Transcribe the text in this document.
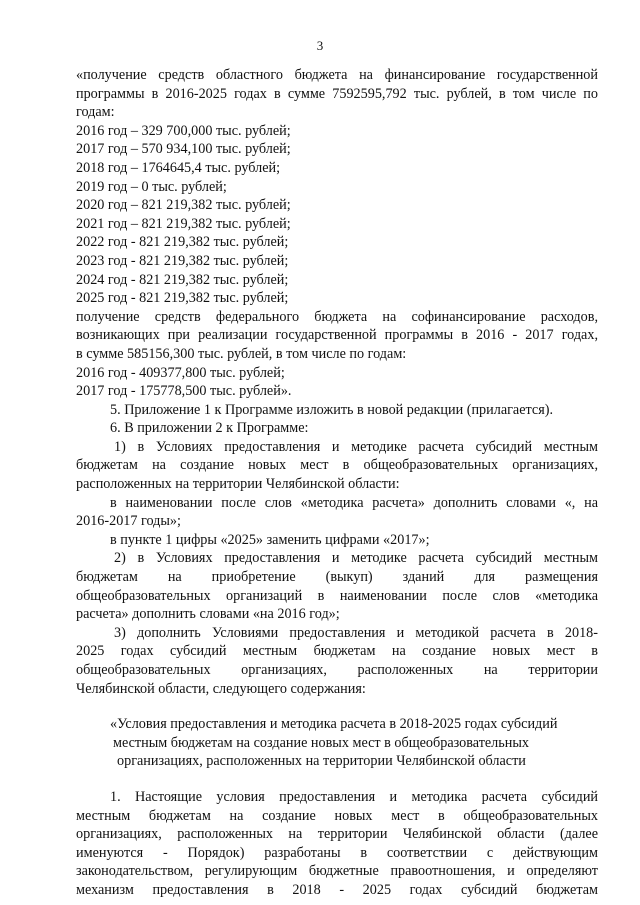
3
«получение средств областного бюджета на финансирование государственной
программы в 2016-2025 годах в сумме 7592595,792 тыс. рублей, в том числе по
годам:
2016 год – 329 700,000 тыс. рублей;
2017 год – 570 934,100 тыс. рублей;
2018 год – 1764645,4 тыс. рублей;
2019 год – 0 тыс. рублей;
2020 год – 821 219,382 тыс. рублей;
2021 год – 821 219,382 тыс. рублей;
2022 год - 821 219,382 тыс. рублей;
2023 год - 821 219,382 тыс. рублей;
2024 год - 821 219,382 тыс. рублей;
2025 год - 821 219,382 тыс. рублей;
получение средств федерального бюджета на софинансирование расходов,
возникающих при реализации государственной программы в 2016 - 2017 годах,
в сумме 585156,300 тыс. рублей, в том числе по годам:
2016 год - 409377,800 тыс. рублей;
2017 год - 175778,500 тыс. рублей».
5. Приложение 1 к Программе изложить в новой редакции (прилагается).
6. В приложении 2 к Программе:
1) в Условиях предоставления и методике расчета субсидий местным
бюджетам на создание новых мест в общеобразовательных организациях,
расположенных на территории Челябинской области:
в наименовании после слов «методика расчета» дополнить словами «, на
2016-2017 годы»;
в пункте 1 цифры «2025» заменить цифрами «2017»;
2) в Условиях предоставления и методике расчета субсидий местным
бюджетам на приобретение (выкуп) зданий для размещения
общеобразовательных организаций в наименовании после слов «методика
расчета» дополнить словами «на 2016 год»;
3) дополнить Условиями предоставления и методикой расчета в 2018-
2025 годах субсидий местным бюджетам на создание новых мест в
общеобразовательных организациях, расположенных на территории
Челябинской области, следующего содержания:
«Условия предоставления и методика расчета в 2018-2025 годах субсидий
местным бюджетам на создание новых мест в общеобразовательных
организациях, расположенных на территории Челябинской области
1. Настоящие условия предоставления и методика расчета субсидий
местным бюджетам на создание новых мест в общеобразовательных
организациях, расположенных на территории Челябинской области (далее
именуются - Порядок) разработаны в соответствии с действующим
законодательством, регулирующим бюджетные правоотношения, и определяют
механизм предоставления в 2018 - 2025 годах субсидий бюджетам
